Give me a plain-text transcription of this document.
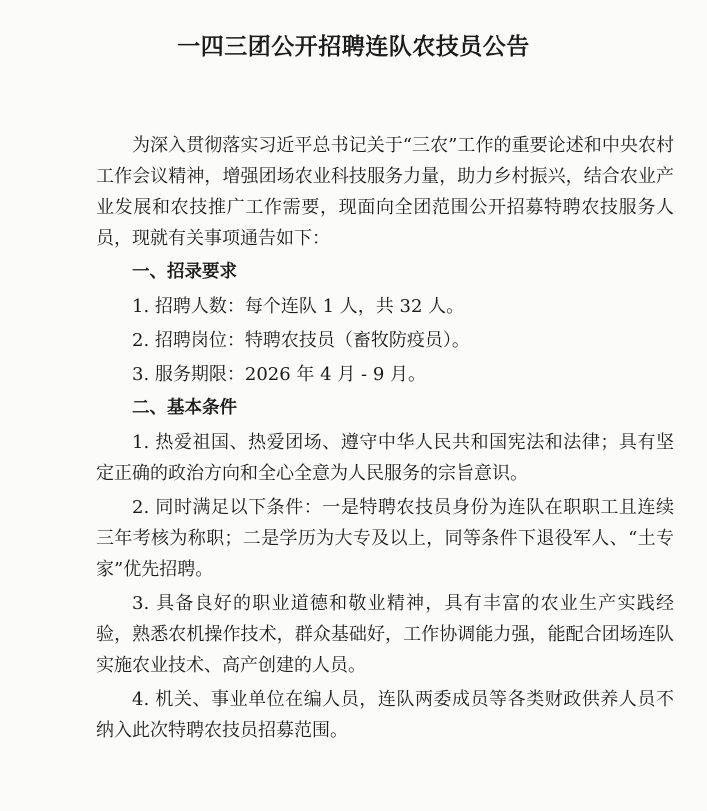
一四三团公开招聘连队农技员公告

为深入贯彻落实习近平总书记关于“三农”工作的重要论述和中央农村工作会议精神，增强团场农业科技服务力量，助力乡村振兴，结合农业产业发展和农技推广工作需要，现面向全团范围公开招募特聘农技服务人员，现就有关事项通告如下：

一、招录要求

1. 招聘人数：每个连队 1 人，共 32 人。

2. 招聘岗位：特聘农技员（畜牧防疫员）。

3. 服务期限：2026 年 4 月 - 9 月。

二、基本条件

1. 热爱祖国、热爱团场、遵守中华人民共和国宪法和法律；具有坚定正确的政治方向和全心全意为人民服务的宗旨意识。

2. 同时满足以下条件：一是特聘农技员身份为连队在职职工且连续三年考核为称职；二是学历为大专及以上，同等条件下退役军人、“土专家”优先招聘。

3. 具备良好的职业道德和敬业精神，具有丰富的农业生产实践经验，熟悉农机操作技术，群众基础好，工作协调能力强，能配合团场连队实施农业技术、高产创建的人员。

4. 机关、事业单位在编人员，连队两委成员等各类财政供养人员不纳入此次特聘农技员招募范围。
